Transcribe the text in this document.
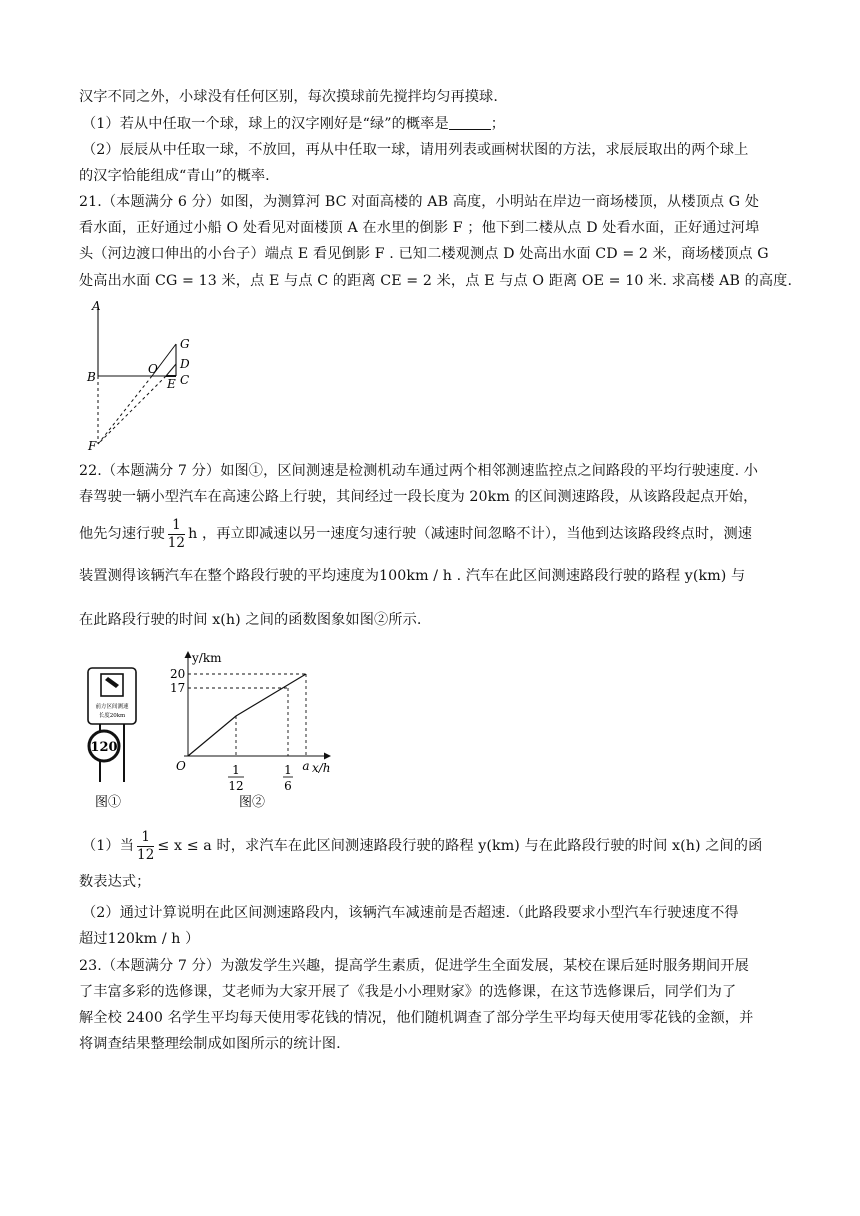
汉字不同之外，小球没有任何区别，每次摸球前先搅拌均匀再摸球.
（1）若从中任取一个球，球上的汉字刚好是“绿”的概率是	；
（2）辰辰从中任取一球，不放回，再从中任取一球，请用列表或画树状图的方法，求辰辰取出的两个球上
的汉字恰能组成“青山”的概率.
21.（本题满分 6 分）如图，为测算河 BC 对面高楼的 AB 高度，小明站在岸边一商场楼顶，从楼顶点 G 处
看水面，正好通过小船 O 处看见对面楼顶 A 在水里的倒影 F ；他下到二楼从点 D 处看水面，正好通过河埠
头（河边渡口伸出的小台子）端点 E 看见倒影 F . 已知二楼观测点 D 处高出水面 CD = 2 米，商场楼顶点 G
处高出水面 CG = 13 米，点 E 与点 C 的距离 CE = 2 米，点 E 与点 O 距离 OE = 10 米. 求高楼 AB 的高度.
A
B
O
G
D
E C
F
22.（本题满分 7 分）如图①，区间测速是检测机动车通过两个相邻测速监控点之间路段的平均行驶速度. 小
春驾驶一辆小型汽车在高速公路上行驶，其间经过一段长度为 20km 的区间测速路段，从该路段起点开始，
他先匀速行驶 $\frac{1}{12}$ h ，再立即减速以另一速度匀速行驶（减速时间忽略不计），当他到达该路段终点时，测速
装置测得该辆汽车在整个路段行驶的平均速度为100km / h . 汽车在此区间测速路段行驶的路程 y(km) 与
在此路段行驶的时间 x(h) 之间的函数图象如图②所示.
前方区间测速
长度20km
120
图①
y/km
x/h
O
20
17
1
12
1
6
a
图②
（1）当 $\frac{1}{12} \le x \le a$ 时，求汽车在此区间测速路段行驶的路程 y(km) 与在此路段行驶的时间 x(h) 之间的函
数表达式；
（2）通过计算说明在此区间测速路段内，该辆汽车减速前是否超速.（此路段要求小型汽车行驶速度不得
超过120km / h ）
23.（本题满分 7 分）为激发学生兴趣，提高学生素质，促进学生全面发展，某校在课后延时服务期间开展
了丰富多彩的选修课，艾老师为大家开展了《我是小小理财家》的选修课，在这节选修课后，同学们为了
解全校 2400 名学生平均每天使用零花钱的情况，他们随机调查了部分学生平均每天使用零花钱的金额，并
将调查结果整理绘制成如图所示的统计图.
